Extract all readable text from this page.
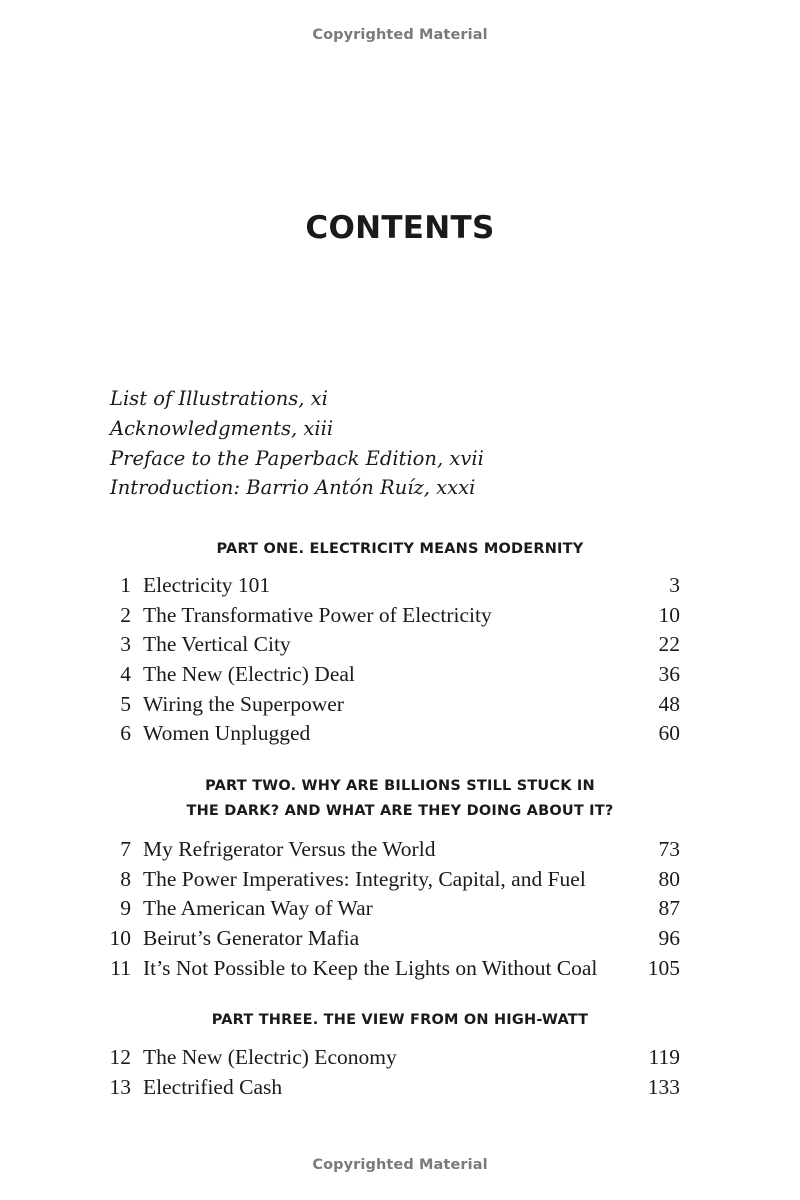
Copyrighted Material
CONTENTS
List of Illustrations, xi
Acknowledgments, xiii
Preface to the Paperback Edition, xvii
Introduction: Barrio Antón Ruíz, xxxi
PART ONE. ELECTRICITY MEANS MODERNITY
1 Electricity 101	3
2 The Transformative Power of Electricity	10
3 The Vertical City	22
4 The New (Electric) Deal	36
5 Wiring the Superpower	48
6 Women Unplugged	60
PART TWO. WHY ARE BILLIONS STILL STUCK IN
THE DARK? AND WHAT ARE THEY DOING ABOUT IT?
7 My Refrigerator Versus the World	73
8 The Power Imperatives: Integrity, Capital, and Fuel	80
9 The American Way of War	87
10 Beirut’s Generator Mafia	96
11 It’s Not Possible to Keep the Lights on Without Coal	105
PART THREE. THE VIEW FROM ON HIGH-WATT
12 The New (Electric) Economy	119
13 Electrified Cash	133
Copyrighted Material
